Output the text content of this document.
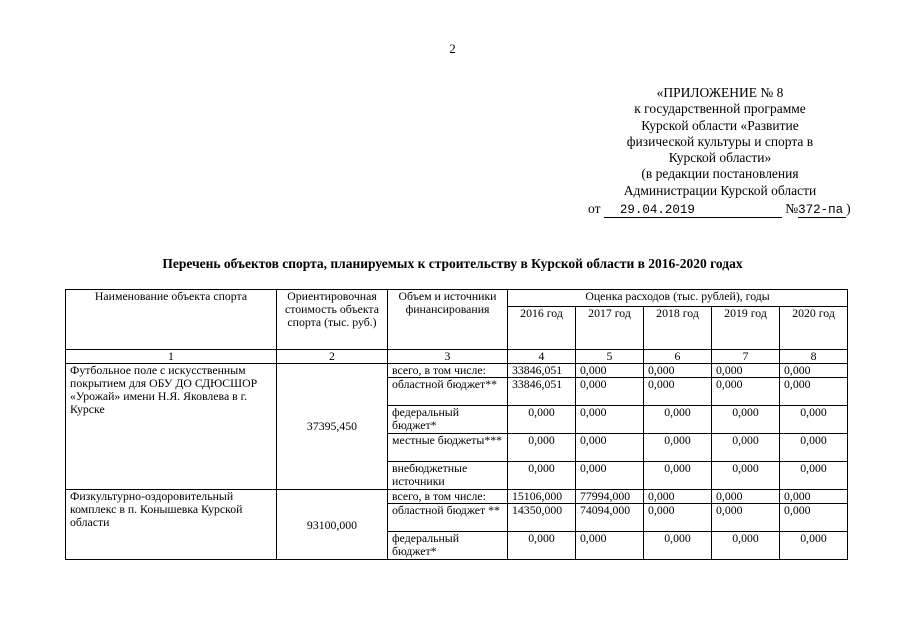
2
«ПРИЛОЖЕНИЕ № 8
к государственной программе
Курской области «Развитие
физической культуры и спорта в
Курской области»
(в редакции постановления
Администрации Курской области
от 29.04.2019	№372-па )
Перечень объектов спорта, планируемых к строительству в Курской области в 2016-2020 годах
Наименование объекта спорта	Ориентировочная стоимость объекта спорта (тыс. руб.)	Объем и источники финансирования	Оценка расходов (тыс. рублей), годы				
			2016 год	2017 год	2018 год	2019 год	2020 год
1	2	3	4	5	6	7	8
Футбольное поле с искусственным покрытием для ОБУ ДО СДЮСШОР «Урожай» имени Н.Я. Яковлева в г. Курске	37395,450	всего, в том числе:	33846,051	0,000	0,000	0,000	0,000
		областной бюджет**	33846,051	0,000	0,000	0,000	0,000
		федеральный бюджет*	0,000	0,000	0,000	0,000	0,000
		местные бюджеты***	0,000	0,000	0,000	0,000	0,000
		внебюджетные источники	0,000	0,000	0,000	0,000	0,000
Физкультурно-оздоровительный комплекс в п. Конышевка Курской области	93100,000	всего, в том числе:	15106,000	77994,000	0,000	0,000	0,000
		областной бюджет **	14350,000	74094,000	0,000	0,000	0,000
		федеральный бюджет*	0,000	0,000	0,000	0,000	0,000
